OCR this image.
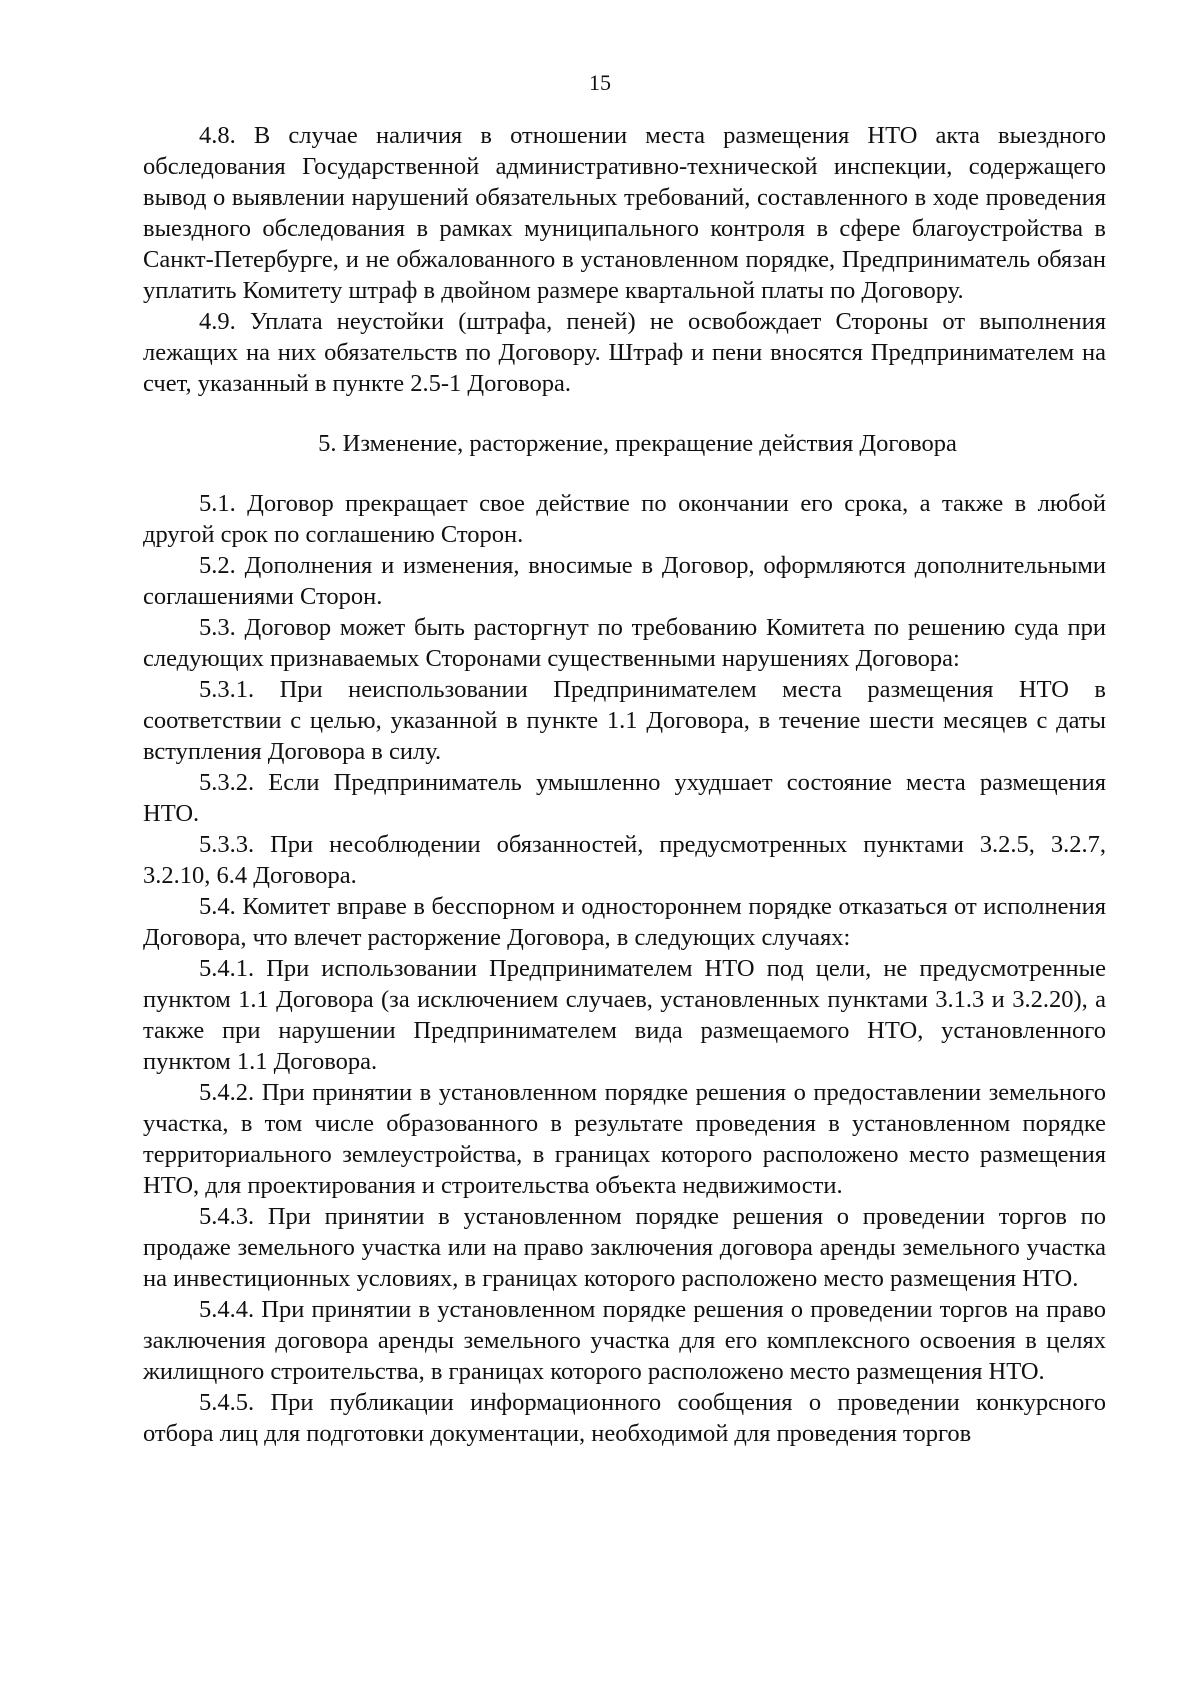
15

4.8. В случае наличия в отношении места размещения НТО акта выездного обследования Государственной административно-технической инспекции, содержащего вывод о выявлении нарушений обязательных требований, составленного в ходе проведения выездного обследования в рамках муниципального контроля в сфере благоустройства в Санкт-Петербурге, и не обжалованного в установленном порядке, Предприниматель обязан уплатить Комитету штраф в двойном размере квартальной платы по Договору.

4.9. Уплата неустойки (штрафа, пеней) не освобождает Стороны от выполнения лежащих на них обязательств по Договору. Штраф и пени вносятся Предпринимателем на счет, указанный в пункте 2.5-1 Договора.

5. Изменение, расторжение, прекращение действия Договора

5.1. Договор прекращает свое действие по окончании его срока, а также в любой другой срок по соглашению Сторон.

5.2. Дополнения и изменения, вносимые в Договор, оформляются дополнительными соглашениями Сторон.

5.3. Договор может быть расторгнут по требованию Комитета по решению суда при следующих признаваемых Сторонами существенными нарушениях Договора:

5.3.1. При неиспользовании Предпринимателем места размещения НТО в соответствии с целью, указанной в пункте 1.1 Договора, в течение шести месяцев с даты вступления Договора в силу.

5.3.2. Если Предприниматель умышленно ухудшает состояние места размещения НТО.

5.3.3. При несоблюдении обязанностей, предусмотренных пунктами 3.2.5, 3.2.7, 3.2.10, 6.4 Договора.

5.4. Комитет вправе в бесспорном и одностороннем порядке отказаться от исполнения Договора, что влечет расторжение Договора, в следующих случаях:

5.4.1. При использовании Предпринимателем НТО под цели, не предусмотренные пунктом 1.1 Договора (за исключением случаев, установленных пунктами 3.1.3 и 3.2.20), а также при нарушении Предпринимателем вида размещаемого НТО, установленного пунктом 1.1 Договора.

5.4.2. При принятии в установленном порядке решения о предоставлении земельного участка, в том числе образованного в результате проведения в установленном порядке территориального землеустройства, в границах которого расположено место размещения НТО, для проектирования и строительства объекта недвижимости.

5.4.3. При принятии в установленном порядке решения о проведении торгов по продаже земельного участка или на право заключения договора аренды земельного участка на инвестиционных условиях, в границах которого расположено место размещения НТО.

5.4.4. При принятии в установленном порядке решения о проведении торгов на право заключения договора аренды земельного участка для его комплексного освоения в целях жилищного строительства, в границах которого расположено место размещения НТО.

5.4.5. При публикации информационного сообщения о проведении конкурсного отбора лиц для подготовки документации, необходимой для проведения торгов
